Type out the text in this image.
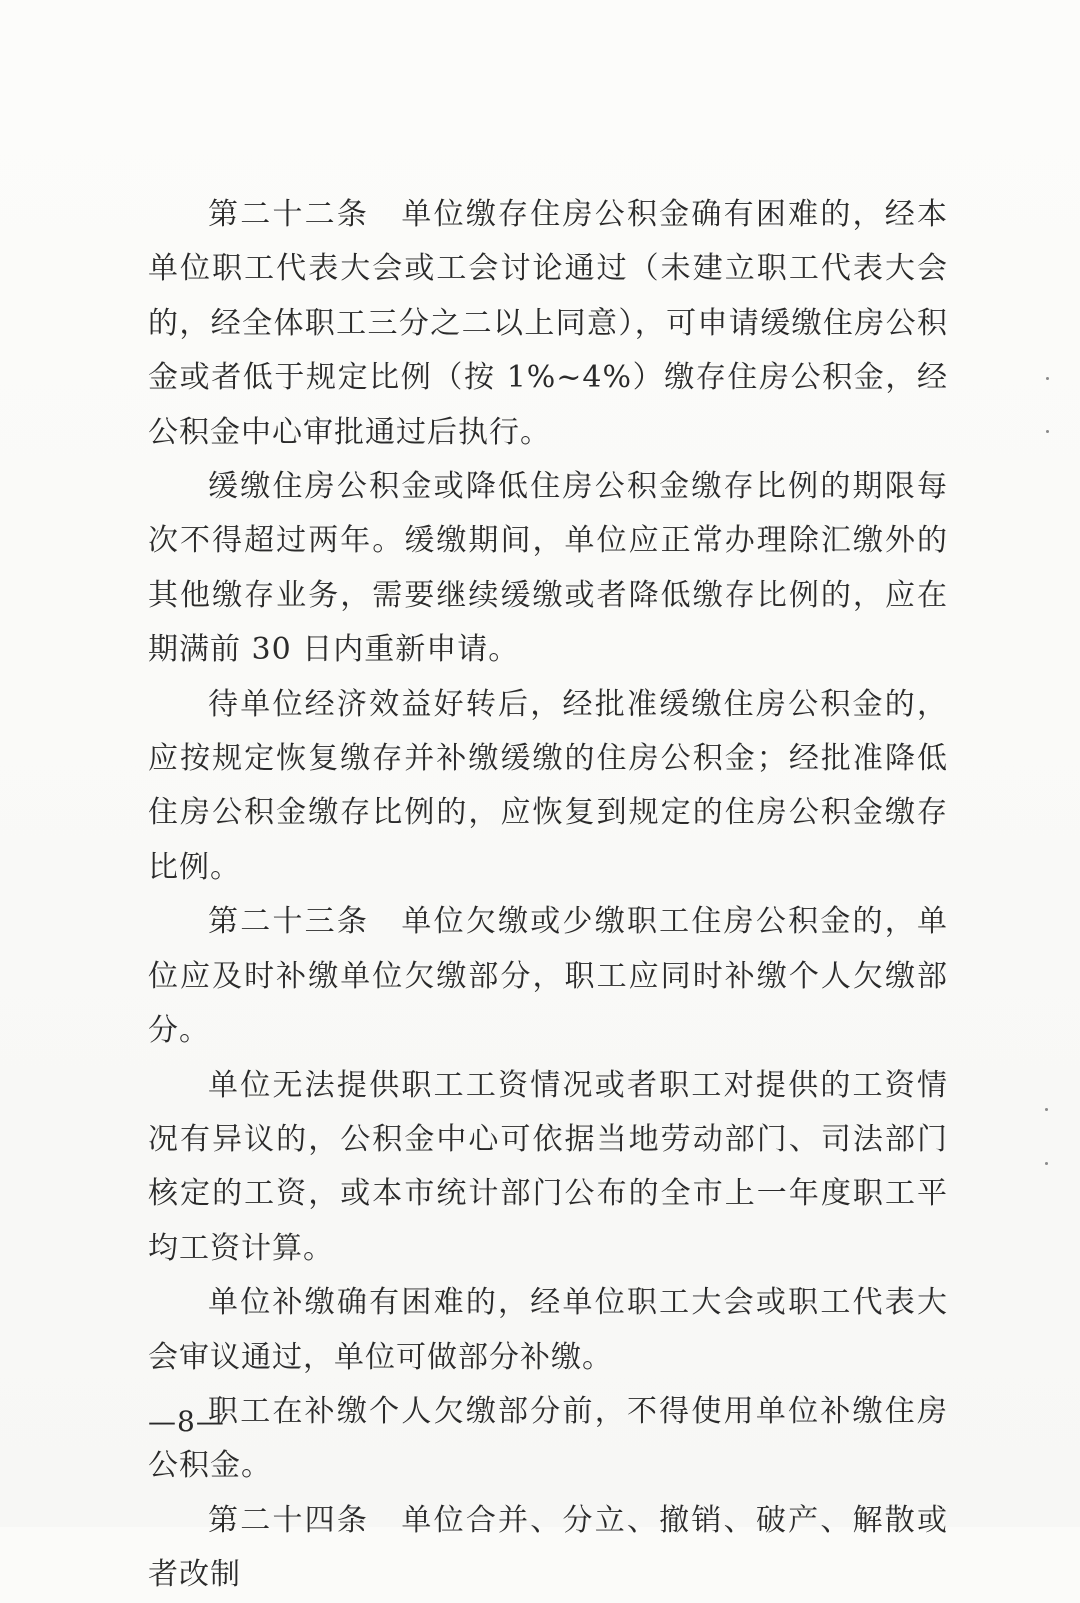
第二十二条　单位缴存住房公积金确有困难的，经本单位职工代表大会或工会讨论通过（未建立职工代表大会的，经全体职工三分之二以上同意），可申请缓缴住房公积金或者低于规定比例（按 1%~4%）缴存住房公积金，经公积金中心审批通过后执行。

缓缴住房公积金或降低住房公积金缴存比例的期限每次不得超过两年。缓缴期间，单位应正常办理除汇缴外的其他缴存业务，需要继续缓缴或者降低缴存比例的，应在期满前 30 日内重新申请。

待单位经济效益好转后，经批准缓缴住房公积金的，应按规定恢复缴存并补缴缓缴的住房公积金；经批准降低住房公积金缴存比例的，应恢复到规定的住房公积金缴存比例。

第二十三条　单位欠缴或少缴职工住房公积金的，单位应及时补缴单位欠缴部分，职工应同时补缴个人欠缴部分。

单位无法提供职工工资情况或者职工对提供的工资情况有异议的，公积金中心可依据当地劳动部门、司法部门核定的工资，或本市统计部门公布的全市上一年度职工平均工资计算。

单位补缴确有困难的，经单位职工大会或职工代表大会审议通过，单位可做部分补缴。

职工在补缴个人欠缴部分前，不得使用单位补缴住房公积金。

第二十四条　单位合并、分立、撤销、破产、解散或者改制

—8—
